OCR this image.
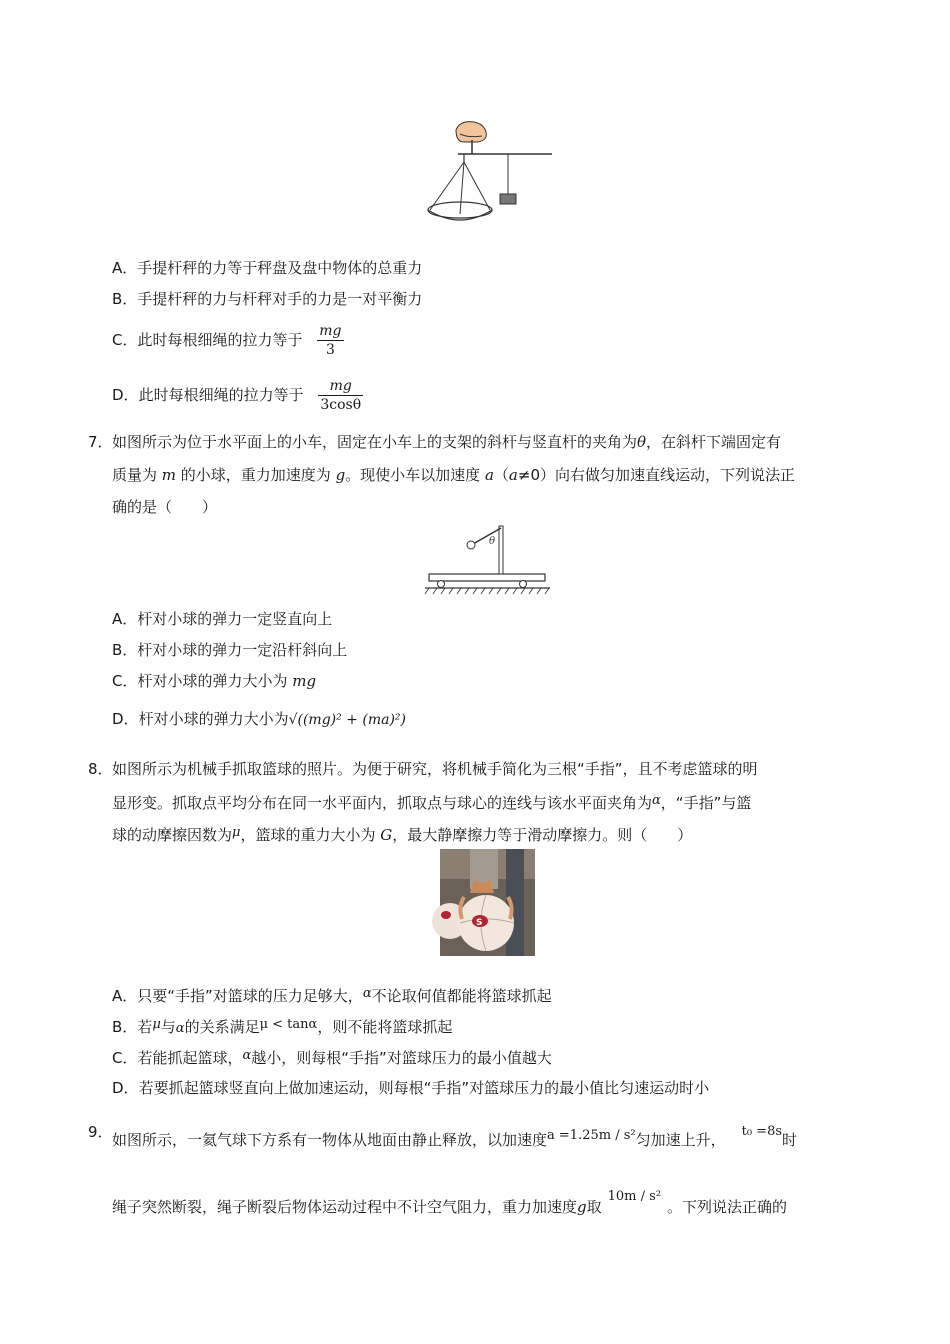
A．手提杆秤的力等于秤盘及盘中物体的总重力
B．手提杆秤的力与杆秤对手的力是一对平衡力
C．此时每根细绳的拉力等于 $\frac{mg}{3}$
D．此时每根细绳的拉力等于 $\frac{mg}{3\cos\theta}$
7． 如图所示为位于水平面上的小车，固定在小车上的支架的斜杆与竖直杆的夹角为θ，在斜杆下端固定有
质量为 m 的小球，重力加速度为 g。现使小车以加速度 a（a≠0）向右做匀加速直线运动，下列说法正
确的是（　　）
θ
A．杆对小球的弹力一定竖直向上
B．杆对小球的弹力一定沿杆斜向上
C．杆对小球的弹力大小为 mg
D．杆对小球的弹力大小为√((mg)² + (ma)²)
8． 如图所示为机械手抓取篮球的照片。为便于研究，将机械手简化为三根“手指”，且不考虑篮球的明
显形变。抓取点平均分布在同一水平面内，抓取点与球心的连线与该水平面夹角为α，“手指”与篮
球的动摩擦因数为μ，篮球的重力大小为 G，最大静摩擦力等于滑动摩擦力。则（　　）
S
A．只要“手指”对篮球的压力足够大，α不论取何值都能将篮球抓起
B．若μ与α的关系满足μ < tanα，则不能将篮球抓起
C．若能抓起篮球，α越小，则每根“手指”对篮球压力的最小值越大
D．若要抓起篮球竖直向上做加速运动，则每根“手指”对篮球压力的最小值比匀速运动时小
9． 如图所示，一氦气球下方系有一物体从地面由静止释放，以加速度a =1.25m / s²匀加速上升， t₀ =8s时
绳子突然断裂，绳子断裂后物体运动过程中不计空气阻力，重力加速度g取10m / s²。下列说法正确的
